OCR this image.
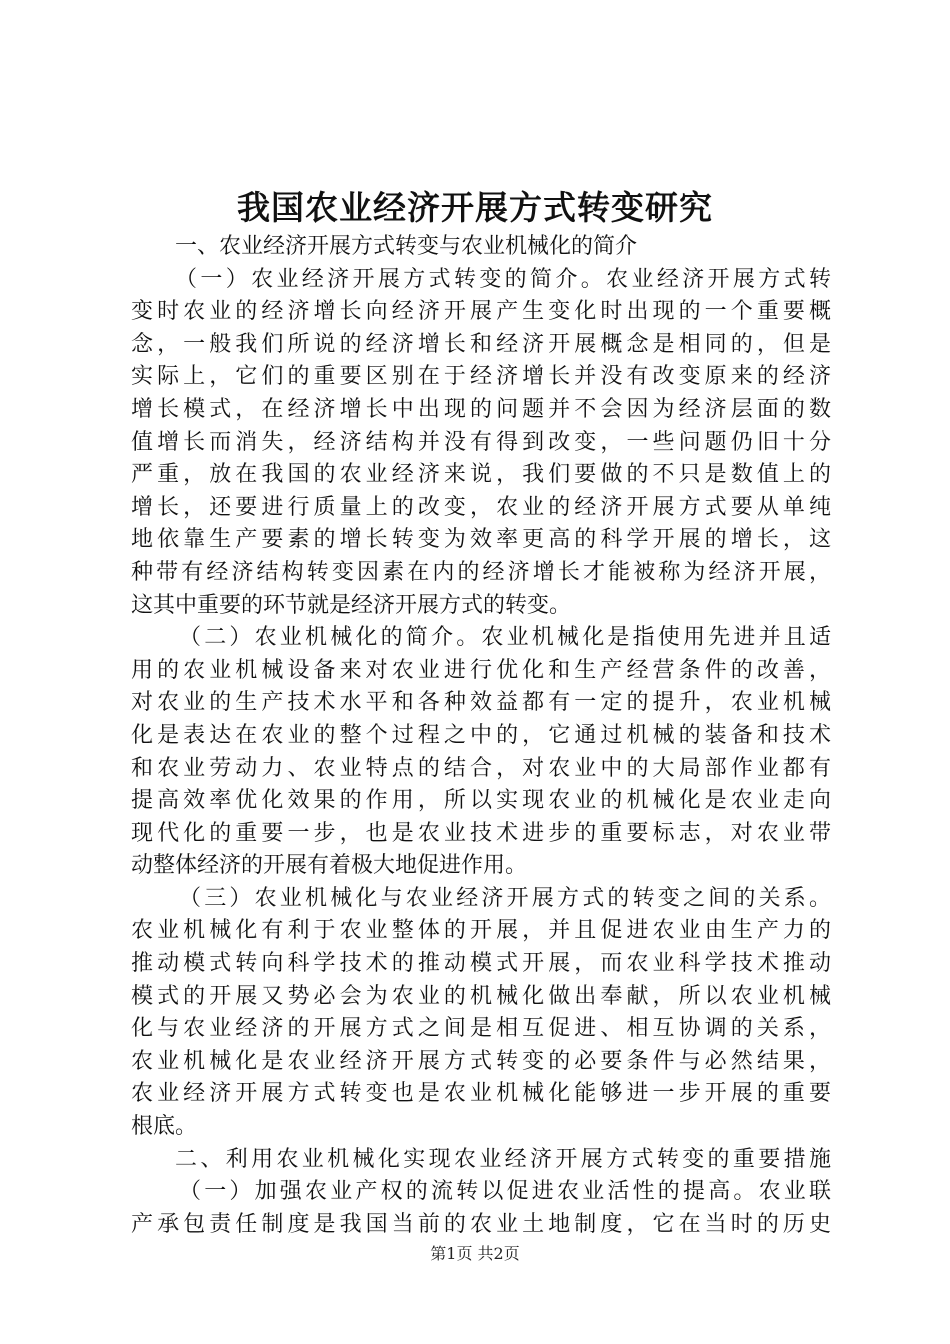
我国农业经济开展方式转变研究
一、农业经济开展方式转变与农业机械化的简介
（一）农业经济开展方式转变的简介。农业经济开展方式转
变时农业的经济增长向经济开展产生变化时出现的一个重要概
念，一般我们所说的经济增长和经济开展概念是相同的，但是
实际上，它们的重要区别在于经济增长并没有改变原来的经济
增长模式，在经济增长中出现的问题并不会因为经济层面的数
值增长而消失，经济结构并没有得到改变，一些问题仍旧十分
严重，放在我国的农业经济来说，我们要做的不只是数值上的
增长，还要进行质量上的改变，农业的经济开展方式要从单纯
地依靠生产要素的增长转变为效率更高的科学开展的增长，这
种带有经济结构转变因素在内的经济增长才能被称为经济开展，
这其中重要的环节就是经济开展方式的转变。
（二）农业机械化的简介。农业机械化是指使用先进并且适
用的农业机械设备来对农业进行优化和生产经营条件的改善，
对农业的生产技术水平和各种效益都有一定的提升，农业机械
化是表达在农业的整个过程之中的，它通过机械的装备和技术
和农业劳动力、农业特点的结合，对农业中的大局部作业都有
提高效率优化效果的作用，所以实现农业的机械化是农业走向
现代化的重要一步，也是农业技术进步的重要标志，对农业带
动整体经济的开展有着极大地促进作用。
（三）农业机械化与农业经济开展方式的转变之间的关系。
农业机械化有利于农业整体的开展，并且促进农业由生产力的
推动模式转向科学技术的推动模式开展，而农业科学技术推动
模式的开展又势必会为农业的机械化做出奉献，所以农业机械
化与农业经济的开展方式之间是相互促进、相互协调的关系，
农业机械化是农业经济开展方式转变的必要条件与必然结果，
农业经济开展方式转变也是农业机械化能够进一步开展的重要
根底。
二、利用农业机械化实现农业经济开展方式转变的重要措施
（一）加强农业产权的流转以促进农业活性的提高。农业联
产承包责任制度是我国当前的农业土地制度，它在当时的历史
第1页 共2页
